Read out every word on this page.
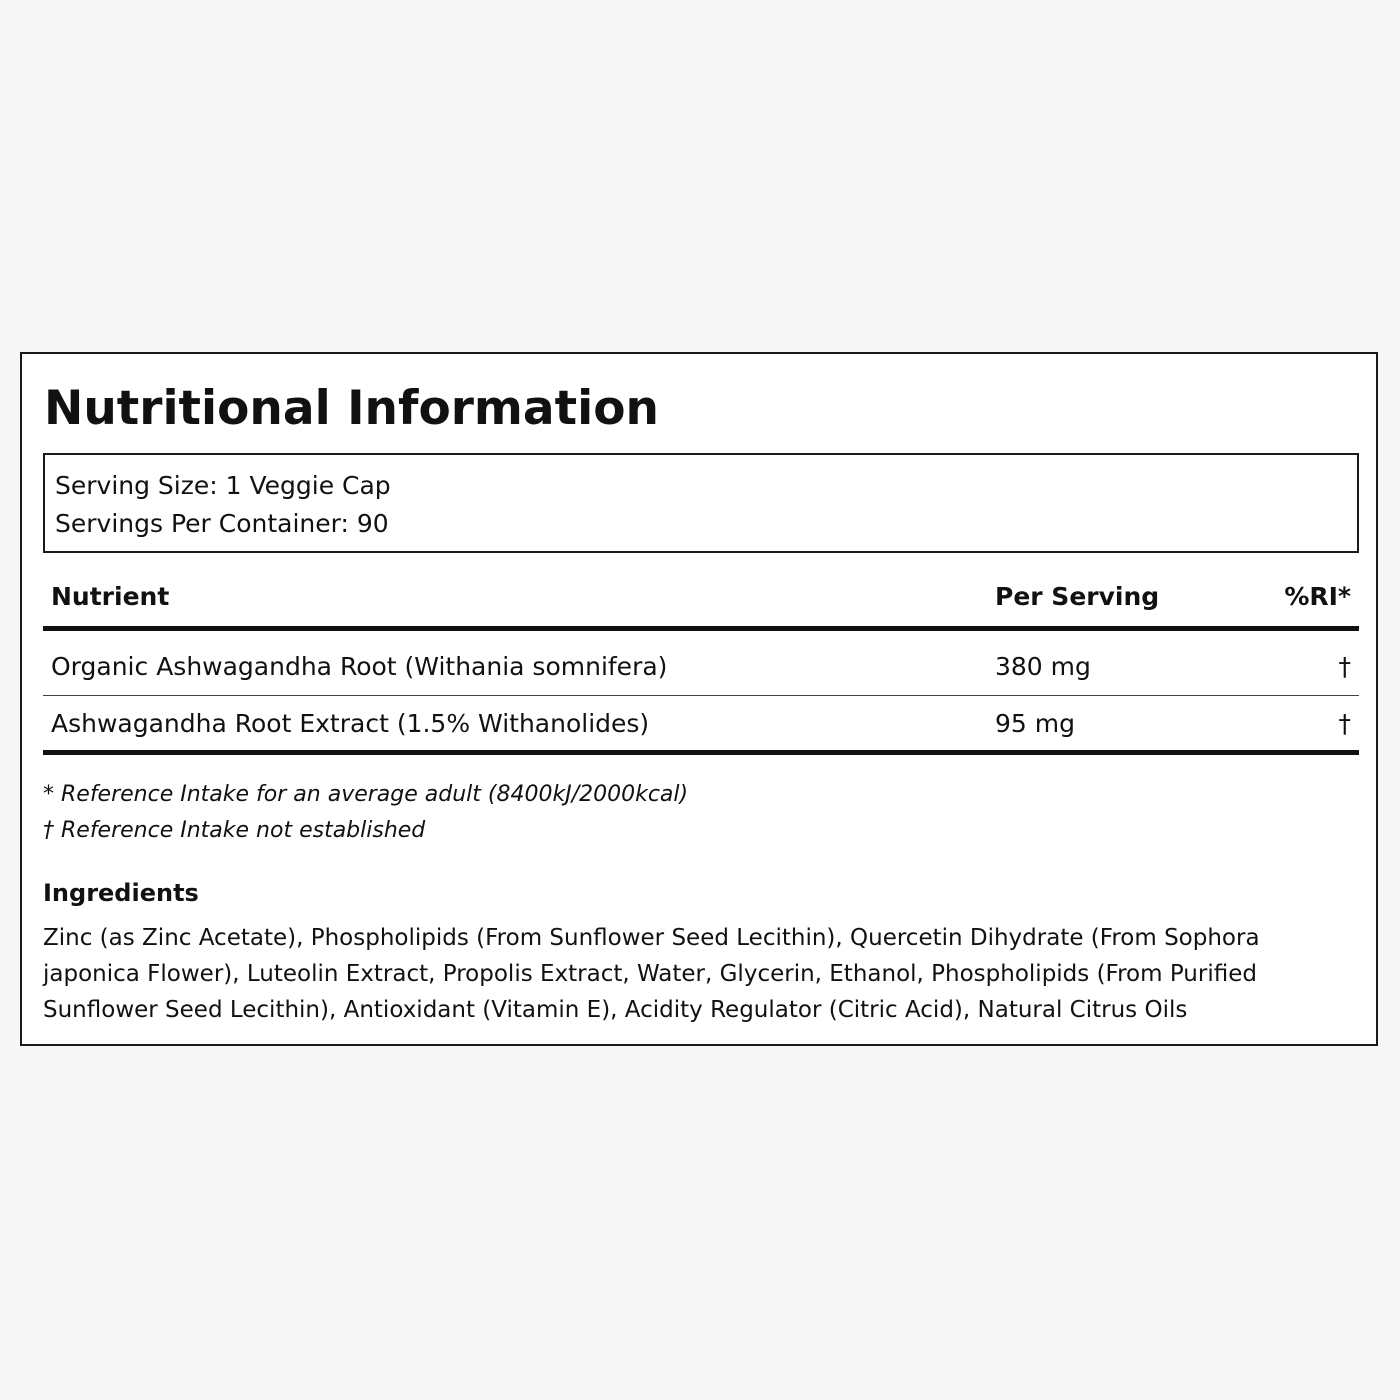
Nutritional Information
Serving Size: 1 Veggie Cap
Servings Per Container: 90
Nutrient	Per Serving	%RI*
Organic Ashwagandha Root (Withania somnifera)	380 mg	†
Ashwagandha Root Extract (1.5% Withanolides)	95 mg	†
* Reference Intake for an average adult (8400kJ/2000kcal)
† Reference Intake not established
Ingredients
Zinc (as Zinc Acetate), Phospholipids (From Sunflower Seed Lecithin), Quercetin Dihydrate (From Sophora japonica Flower), Luteolin Extract, Propolis Extract, Water, Glycerin, Ethanol, Phospholipids (From Purified Sunflower Seed Lecithin), Antioxidant (Vitamin E), Acidity Regulator (Citric Acid), Natural Citrus Oils
